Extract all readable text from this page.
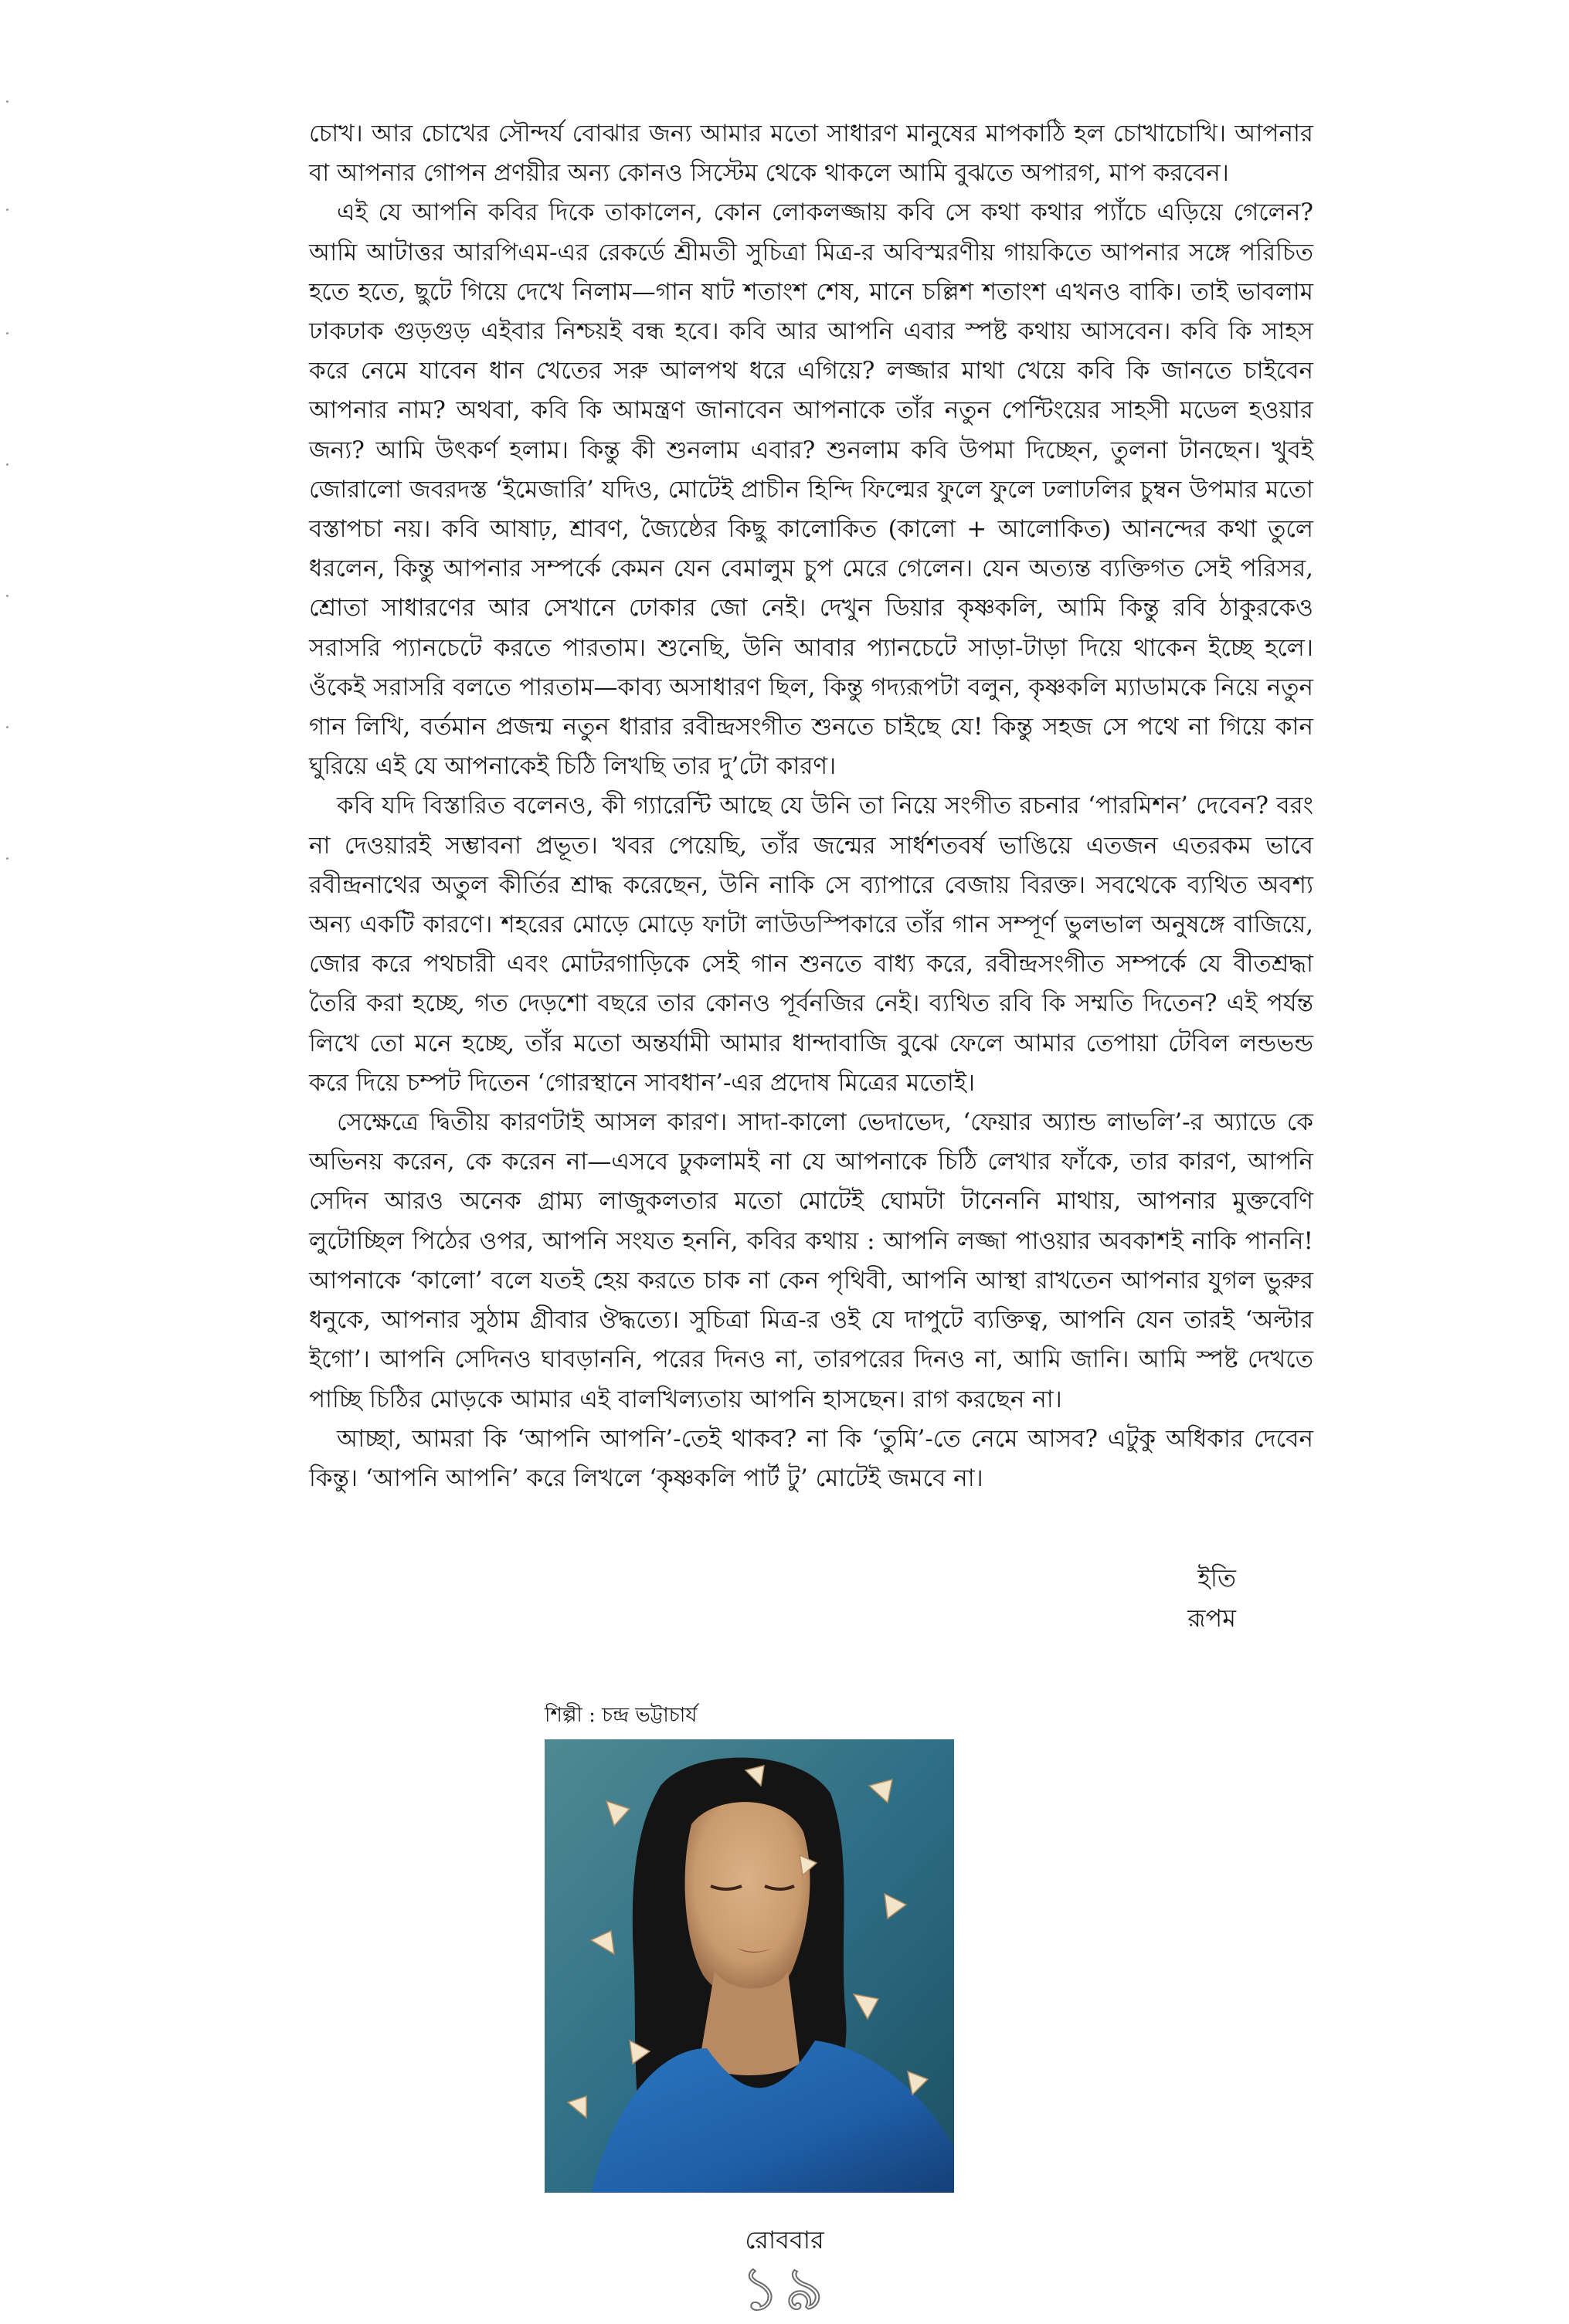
চোখ। আর চোখের সৌন্দর্য বোঝার জন্য আমার মতো সাধারণ মানুষের মাপকাঠি হল চোখাচোখি। আপনার বা আপনার গোপন প্রণয়ীর অন্য কোনও সিস্টেম থেকে থাকলে আমি বুঝতে অপারগ, মাপ করবেন।

এই যে আপনি কবির দিকে তাকালেন, কোন লোকলজ্জায় কবি সে কথা কথার প্যাঁচে এড়িয়ে গেলেন? আমি আটাত্তর আরপিএম-এর রেকর্ডে শ্রীমতী সুচিত্রা মিত্র-র অবিস্মরণীয় গায়কিতে আপনার সঙ্গে পরিচিত হতে হতে, ছুটে গিয়ে দেখে নিলাম—গান ষাট শতাংশ শেষ, মানে চল্লিশ শতাংশ এখনও বাকি। তাই ভাবলাম ঢাকঢাক গুড়গুড় এইবার নিশ্চয়ই বন্ধ হবে। কবি আর আপনি এবার স্পষ্ট কথায় আসবেন। কবি কি সাহস করে নেমে যাবেন ধান খেতের সরু আলপথ ধরে এগিয়ে? লজ্জার মাথা খেয়ে কবি কি জানতে চাইবেন আপনার নাম? অথবা, কবি কি আমন্ত্রণ জানাবেন আপনাকে তাঁর নতুন পেন্টিংয়ের সাহসী মডেল হওয়ার জন্য? আমি উৎকর্ণ হলাম। কিন্তু কী শুনলাম এবার? শুনলাম কবি উপমা দিচ্ছেন, তুলনা টানছেন। খুবই জোরালো জবরদস্ত ‘ইমেজারি’ যদিও, মোটেই প্রাচীন হিন্দি ফিল্মের ফুলে ফুলে ঢলাঢলির চুম্বন উপমার মতো বস্তাপচা নয়। কবি আষাঢ়, শ্রাবণ, জ্যৈষ্ঠের কিছু কালোকিত (কালো + আলোকিত) আনন্দের কথা তুলে ধরলেন, কিন্তু আপনার সম্পর্কে কেমন যেন বেমালুম চুপ মেরে গেলেন। যেন অত্যন্ত ব্যক্তিগত সেই পরিসর, শ্রোতা সাধারণের আর সেখানে ঢোকার জো নেই। দেখুন ডিয়ার কৃষ্ণকলি, আমি কিন্তু রবি ঠাকুরকেও সরাসরি প্যানচেটে করতে পারতাম। শুনেছি, উনি আবার প্যানচেটে সাড়া-টাড়া দিয়ে থাকেন ইচ্ছে হলে। ওঁকেই সরাসরি বলতে পারতাম—কাব্য অসাধারণ ছিল, কিন্তু গদ্যরূপটা বলুন, কৃষ্ণকলি ম্যাডামকে নিয়ে নতুন গান লিখি, বর্তমান প্রজন্ম নতুন ধারার রবীন্দ্রসংগীত শুনতে চাইছে যে! কিন্তু সহজ সে পথে না গিয়ে কান ঘুরিয়ে এই যে আপনাকেই চিঠি লিখছি তার দু’টো কারণ।

কবি যদি বিস্তারিত বলেনও, কী গ্যারেন্টি আছে যে উনি তা নিয়ে সংগীত রচনার ‘পারমিশন’ দেবেন? বরং না দেওয়ারই সম্ভাবনা প্রভূত। খবর পেয়েছি, তাঁর জন্মের সার্ধশতবর্ষ ভাঙিয়ে এতজন এতরকম ভাবে রবীন্দ্রনাথের অতুল কীর্তির শ্রাদ্ধ করেছেন, উনি নাকি সে ব্যাপারে বেজায় বিরক্ত। সবথেকে ব্যথিত অবশ্য অন্য একটি কারণে। শহরের মোড়ে মোড়ে ফাটা লাউডস্পিকারে তাঁর গান সম্পূর্ণ ভুলভাল অনুষঙ্গে বাজিয়ে, জোর করে পথচারী এবং মোটরগাড়িকে সেই গান শুনতে বাধ্য করে, রবীন্দ্রসংগীত সম্পর্কে যে বীতশ্রদ্ধা তৈরি করা হচ্ছে, গত দেড়শো বছরে তার কোনও পূর্বনজির নেই। ব্যথিত রবি কি সম্মতি দিতেন? এই পর্যন্ত লিখে তো মনে হচ্ছে, তাঁর মতো অন্তর্যামী আমার ধান্দাবাজি বুঝে ফেলে আমার তেপায়া টেবিল লন্ডভন্ড করে দিয়ে চম্পট দিতেন ‘গোরস্থানে সাবধান’-এর প্রদোষ মিত্রের মতোই।

সেক্ষেত্রে দ্বিতীয় কারণটাই আসল কারণ। সাদা-কালো ভেদাভেদ, ‘ফেয়ার অ্যান্ড লাভলি’-র অ্যাডে কে অভিনয় করেন, কে করেন না—এসবে ঢুকলামই না যে আপনাকে চিঠি লেখার ফাঁকে, তার কারণ, আপনি সেদিন আরও অনেক গ্রাম্য লাজুকলতার মতো মোটেই ঘোমটা টানেননি মাথায়, আপনার মুক্তবেণি লুটোচ্ছিল পিঠের ওপর, আপনি সংযত হননি, কবির কথায় : আপনি লজ্জা পাওয়ার অবকাশই নাকি পাননি! আপনাকে ‘কালো’ বলে যতই হেয় করতে চাক না কেন পৃথিবী, আপনি আস্থা রাখতেন আপনার যুগল ভুরুর ধনুকে, আপনার সুঠাম গ্রীবার ঔদ্ধত্যে। সুচিত্রা মিত্র-র ওই যে দাপুটে ব্যক্তিত্ব, আপনি যেন তারই ‘অল্টার ইগো’। আপনি সেদিনও ঘাবড়াননি, পরের দিনও না, তারপরের দিনও না, আমি জানি। আমি স্পষ্ট দেখতে পাচ্ছি চিঠির মোড়কে আমার এই বালখিল্যতায় আপনি হাসছেন। রাগ করছেন না।

আচ্ছা, আমরা কি ‘আপনি আপনি’-তেই থাকব? না কি ‘তুমি’-তে নেমে আসব? এটুকু অধিকার দেবেন কিন্তু। ‘আপনি আপনি’ করে লিখলে ‘কৃষ্ণকলি পার্ট টু’ মোটেই জমবে না।

ইতি
রূপম
শিল্পী : চন্দ্র ভট্টাচার্য
রোববার
১৯
